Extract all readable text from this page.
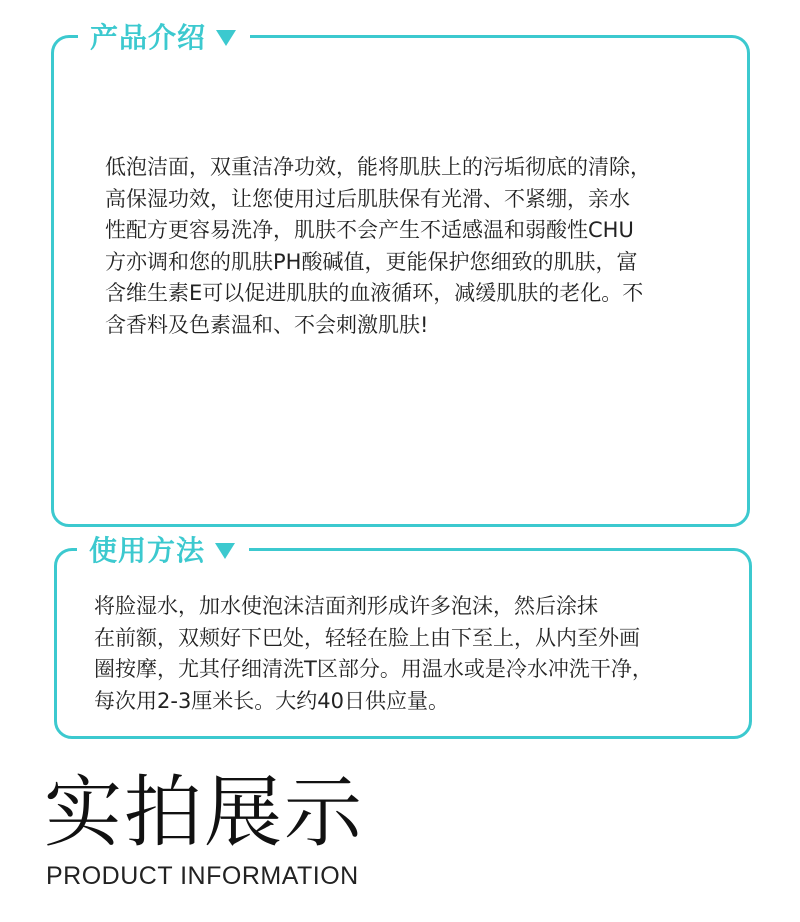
产品介绍

低泡洁面，双重洁净功效，能将肌肤上的污垢彻底的清除，
高保湿功效，让您使用过后肌肤保有光滑、不紧绷，亲水
性配方更容易洗净，肌肤不会产生不适感温和弱酸性CHU
方亦调和您的肌肤PH酸碱值，更能保护您细致的肌肤，富
含维生素E可以促进肌肤的血液循环，减缓肌肤的老化。不
含香料及色素温和、不会刺激肌肤!

使用方法

将脸湿水，加水使泡沫洁面剂形成许多泡沫，然后涂抹
在前额，双颊好下巴处，轻轻在脸上由下至上，从内至外画
圈按摩，尤其仔细清洗T区部分。用温水或是冷水冲洗干净，
每次用2-3厘米长。大约40日供应量。

实拍展示

PRODUCT INFORMATION
